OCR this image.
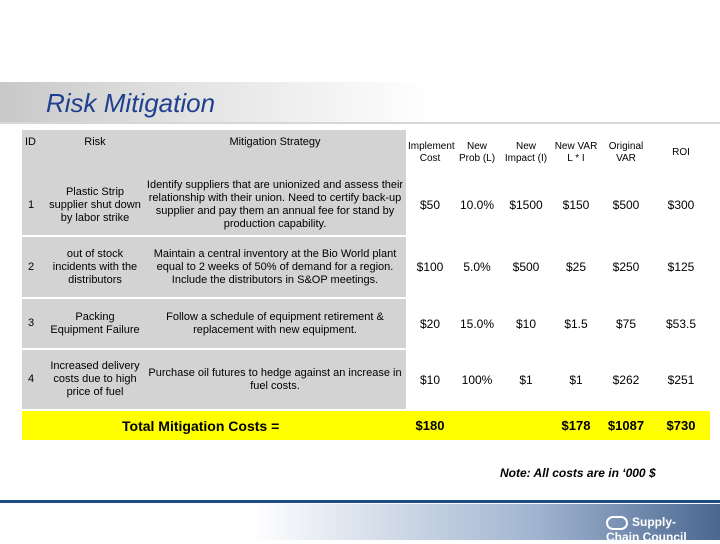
Risk Mitigation
ID	Risk	Mitigation Strategy	Implement Cost	New Prob (L)	New Impact (I)	New VAR L * I	Original VAR	ROI
1	Plastic Strip supplier shut down by labor strike	Identify suppliers that are unionized and assess their relationship with their union. Need to certify back-up supplier and pay them an annual fee for stand by production capability.	$50	10.0%	$1500	$150	$500	$300
2	out of stock incidents with the distributors	Maintain a central inventory at the Bio World plant equal to 2 weeks of 50% of demand for a region. Include the distributors in S&OP meetings.	$100	5.0%	$500	$25	$250	$125
3	Packing Equipment Failure	Follow a schedule of equipment retirement & replacement with new equipment.	$20	15.0%	$10	$1.5	$75	$53.5
4	Increased delivery costs due to high price of fuel	Purchase oil futures to hedge against an increase in fuel costs.	$10	100%	$1	$1	$262	$251
Total Mitigation Costs =			$180			$178	$1087	$730
Note: All costs are in ‘000 $
Supply-Chain Council
